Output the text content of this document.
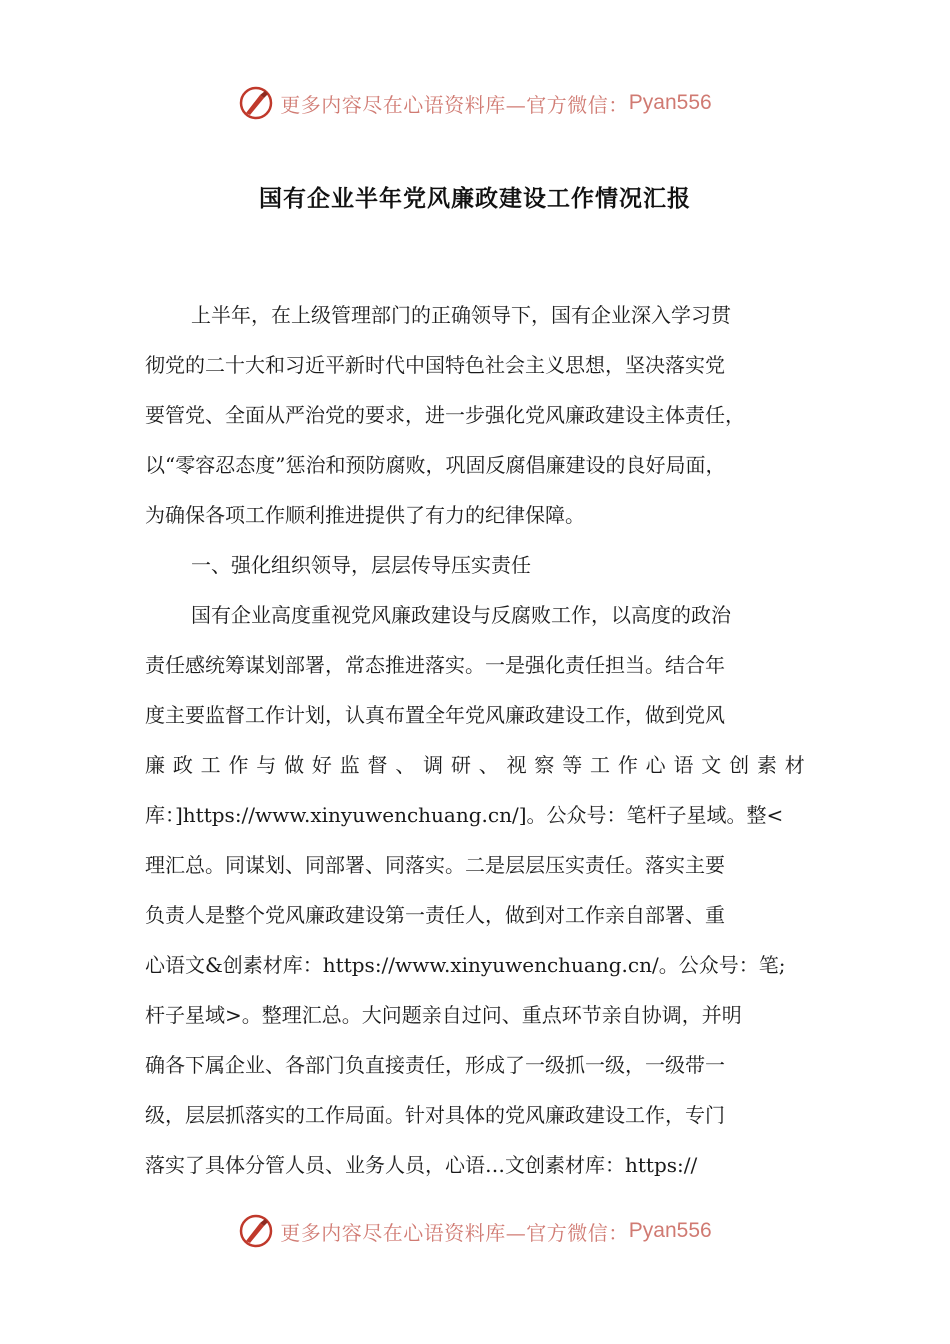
更多内容尽在心语资料库—官方微信： Pyan556
国有企业半年党风廉政建设工作情况汇报
上半年，在上级管理部门的正确领导下，国有企业深入学习贯
彻党的二十大和习近平新时代中国特色社会主义思想，坚决落实党
要管党、全面从严治党的要求，进一步强化党风廉政建设主体责任，
以“零容忍态度”惩治和预防腐败，巩固反腐倡廉建设的良好局面，
为确保各项工作顺利推进提供了有力的纪律保障。
一、强化组织领导，层层传导压实责任
国有企业高度重视党风廉政建设与反腐败工作，以高度的政治
责任感统筹谋划部署，常态推进落实。一是强化责任担当。结合年
度主要监督工作计划，认真布置全年党风廉政建设工作，做到党风
廉 政 工 作 与 做 好 监 督 、 调 研 、 视 察 等 工 作 心 语 文 创 素 材
库：]https://www.xinyuwenchuang.cn/]。公众号：笔杆子星域。整<
理汇总。同谋划、同部署、同落实。二是层层压实责任。落实主要
负责人是整个党风廉政建设第一责任人，做到对工作亲自部署、重
心语文&创素材库：https://www.xinyuwenchuang.cn/。公众号：笔;
杆子星域>。整理汇总。大问题亲自过问、重点环节亲自协调，并明
确各下属企业、各部门负直接责任，形成了一级抓一级，一级带一
级，层层抓落实的工作局面。针对具体的党风廉政建设工作，专门
落实了具体分管人员、业务人员，心语…文创素材库：https://
更多内容尽在心语资料库—官方微信： Pyan556
